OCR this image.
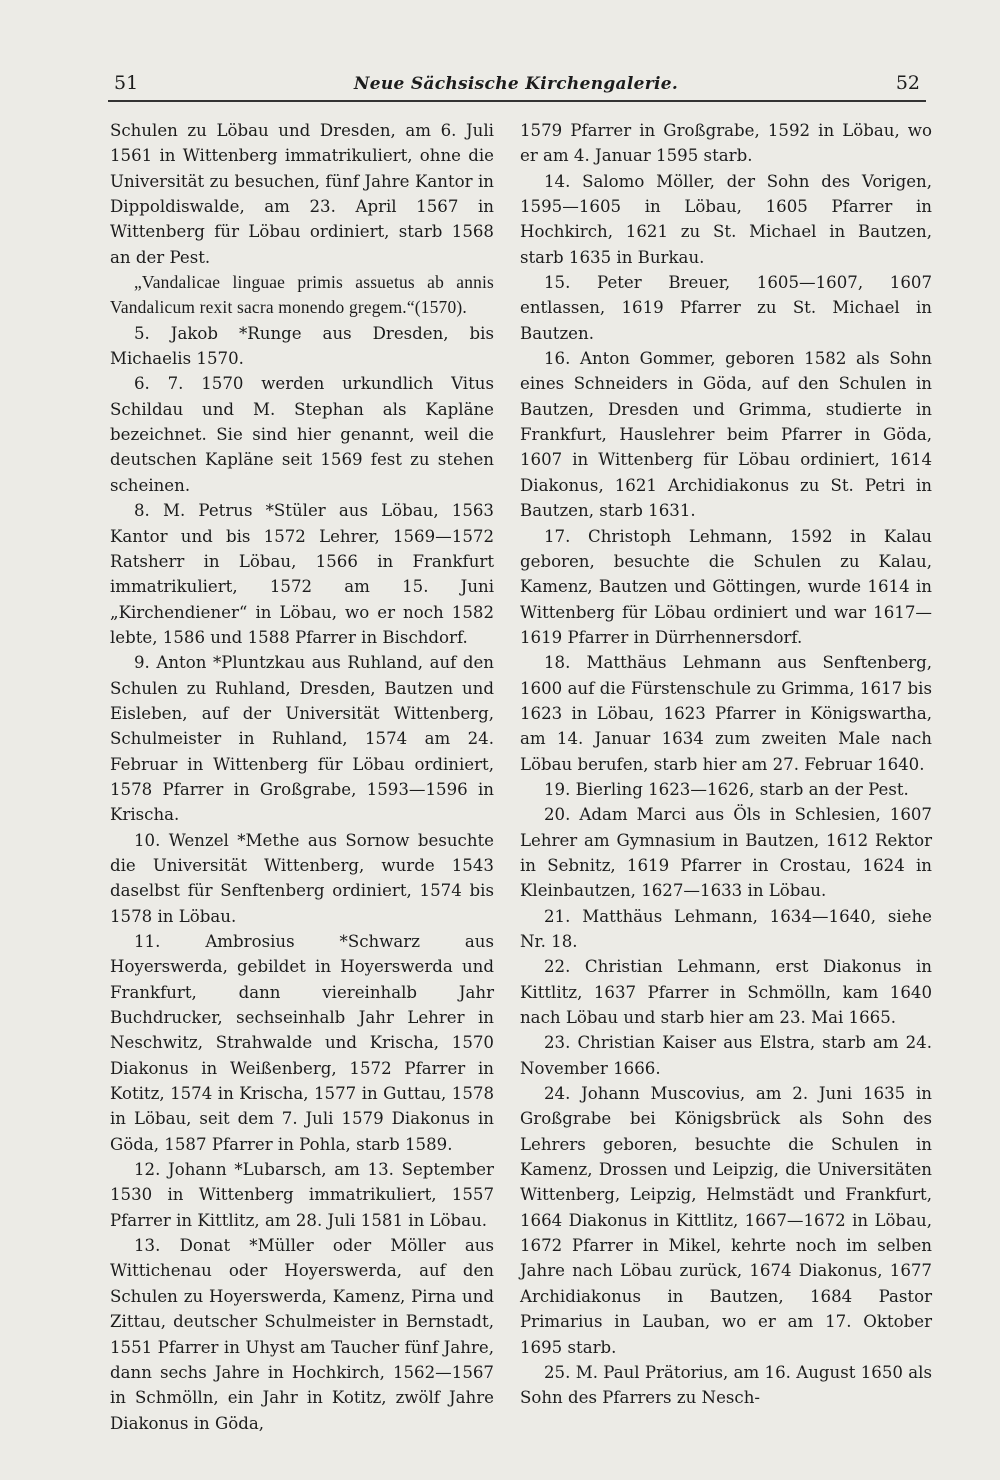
51	Neue Sächsische Kirchengalerie.	52

Schulen zu Löbau und Dresden, am 6. Juli 1561 in Wittenberg immatrikuliert, ohne die Universität zu besuchen, fünf Jahre Kantor in Dippoldiswalde, am 23. April 1567 in Wittenberg für Löbau ordiniert, starb 1568 an der Pest.

„Vandalicae linguae primis assuetus ab annis Vandalicum rexit sacra monendo gregem.“(1570).

5. Jakob *Runge aus Dresden, bis Michaelis 1570.

6. 7. 1570 werden urkundlich Vitus Schildau und M. Stephan als Kapläne bezeichnet. Sie sind hier genannt, weil die deutschen Kapläne seit 1569 fest zu stehen scheinen.

8. M. Petrus *Stüler aus Löbau, 1563 Kantor und bis 1572 Lehrer, 1569—1572 Ratsherr in Löbau, 1566 in Frankfurt immatrikuliert, 1572 am 15. Juni „Kirchendiener“ in Löbau, wo er noch 1582 lebte, 1586 und 1588 Pfarrer in Bischdorf.

9. Anton *Pluntzkau aus Ruhland, auf den Schulen zu Ruhland, Dresden, Bautzen und Eisleben, auf der Universität Wittenberg, Schulmeister in Ruhland, 1574 am 24. Februar in Wittenberg für Löbau ordiniert, 1578 Pfarrer in Großgrabe, 1593—1596 in Krischa.

10. Wenzel *Methe aus Sornow besuchte die Universität Wittenberg, wurde 1543 daselbst für Senftenberg ordiniert, 1574 bis 1578 in Löbau.

11. Ambrosius *Schwarz aus Hoyerswerda, gebildet in Hoyerswerda und Frankfurt, dann viereinhalb Jahr Buchdrucker, sechseinhalb Jahr Lehrer in Neschwitz, Strahwalde und Krischa, 1570 Diakonus in Weißenberg, 1572 Pfarrer in Kotitz, 1574 in Krischa, 1577 in Guttau, 1578 in Löbau, seit dem 7. Juli 1579 Diakonus in Göda, 1587 Pfarrer in Pohla, starb 1589.

12. Johann *Lubarsch, am 13. September 1530 in Wittenberg immatrikuliert, 1557 Pfarrer in Kittlitz, am 28. Juli 1581 in Löbau.

13. Donat *Müller oder Möller aus Wittichenau oder Hoyerswerda, auf den Schulen zu Hoyerswerda, Kamenz, Pirna und Zittau, deutscher Schulmeister in Bernstadt, 1551 Pfarrer in Uhyst am Taucher fünf Jahre, dann sechs Jahre in Hochkirch, 1562—1567 in Schmölln, ein Jahr in Kotitz, zwölf Jahre Diakonus in Göda,

1579 Pfarrer in Großgrabe, 1592 in Löbau, wo er am 4. Januar 1595 starb.

14. Salomo Möller, der Sohn des Vorigen, 1595—1605 in Löbau, 1605 Pfarrer in Hochkirch, 1621 zu St. Michael in Bautzen, starb 1635 in Burkau.

15. Peter Breuer, 1605—1607, 1607 entlassen, 1619 Pfarrer zu St. Michael in Bautzen.

16. Anton Gommer, geboren 1582 als Sohn eines Schneiders in Göda, auf den Schulen in Bautzen, Dresden und Grimma, studierte in Frankfurt, Hauslehrer beim Pfarrer in Göda, 1607 in Wittenberg für Löbau ordiniert, 1614 Diakonus, 1621 Archidiakonus zu St. Petri in Bautzen, starb 1631.

17. Christoph Lehmann, 1592 in Kalau geboren, besuchte die Schulen zu Kalau, Kamenz, Bautzen und Göttingen, wurde 1614 in Wittenberg für Löbau ordiniert und war 1617—1619 Pfarrer in Dürrhennersdorf.

18. Matthäus Lehmann aus Senftenberg, 1600 auf die Fürstenschule zu Grimma, 1617 bis 1623 in Löbau, 1623 Pfarrer in Königswartha, am 14. Januar 1634 zum zweiten Male nach Löbau berufen, starb hier am 27. Februar 1640.

19. Bierling 1623—1626, starb an der Pest.

20. Adam Marci aus Öls in Schlesien, 1607 Lehrer am Gymnasium in Bautzen, 1612 Rektor in Sebnitz, 1619 Pfarrer in Crostau, 1624 in Kleinbautzen, 1627—1633 in Löbau.

21. Matthäus Lehmann, 1634—1640, siehe Nr. 18.

22. Christian Lehmann, erst Diakonus in Kittlitz, 1637 Pfarrer in Schmölln, kam 1640 nach Löbau und starb hier am 23. Mai 1665.

23. Christian Kaiser aus Elstra, starb am 24. November 1666.

24. Johann Muscovius, am 2. Juni 1635 in Großgrabe bei Königsbrück als Sohn des Lehrers geboren, besuchte die Schulen in Kamenz, Drossen und Leipzig, die Universitäten Wittenberg, Leipzig, Helmstädt und Frankfurt, 1664 Diakonus in Kittlitz, 1667—1672 in Löbau, 1672 Pfarrer in Mikel, kehrte noch im selben Jahre nach Löbau zurück, 1674 Diakonus, 1677 Archidiakonus in Bautzen, 1684 Pastor Primarius in Lauban, wo er am 17. Oktober 1695 starb.

25. M. Paul Prätorius, am 16. August 1650 als Sohn des Pfarrers zu Nesch-
